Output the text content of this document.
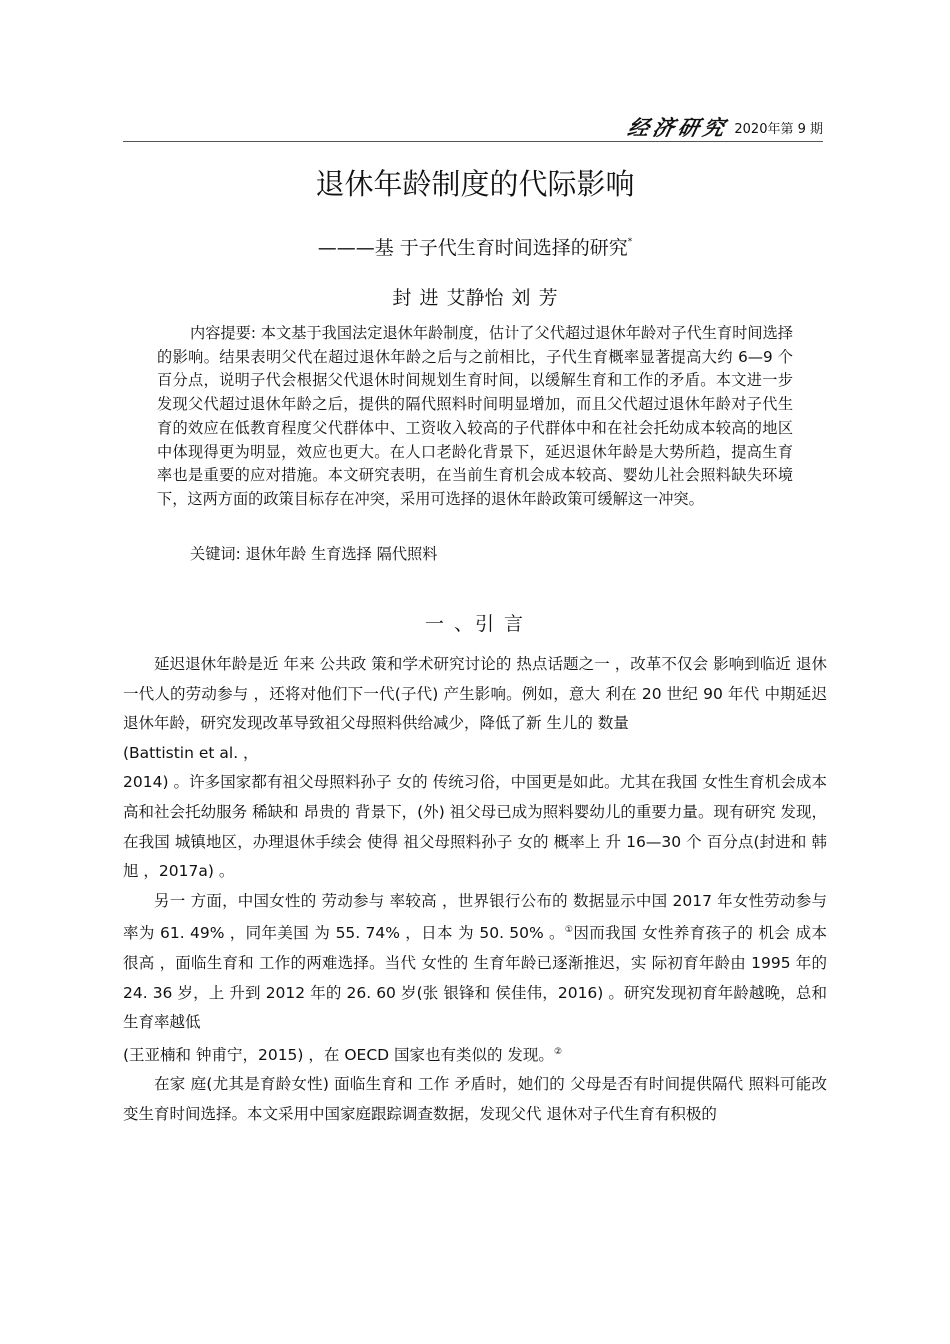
经济研究 2020年第 9 期
退休年龄制度的代际影响
———基 于子代生育时间选择的研究*
封 进 艾静怡 刘 芳

内容提要: 本文基于我国法定退休年龄制度，估计了父代超过退休年龄对子代生育时间选择的影响。结果表明父代在超过退休年龄之后与之前相比，子代生育概率显著提高大约 6—9 个百分点，说明子代会根据父代退休时间规划生育时间，以缓解生育和工作的矛盾。本文进一步发现父代超过退休年龄之后，提供的隔代照料时间明显增加，而且父代超过退休年龄对子代生育的效应在低教育程度父代群体中、工资收入较高的子代群体中和在社会托幼成本较高的地区中体现得更为明显，效应也更大。在人口老龄化背景下，延迟退休年龄是大势所趋，提高生育率也是重要的应对措施。本文研究表明，在当前生育机会成本较高、婴幼儿社会照料缺失环境下，这两方面的政策目标存在冲突，采用可选择的退休年龄政策可缓解这一冲突。

关键词: 退休年龄 生育选择 隔代照料
一 、引 言

延迟退休年龄是近 年来 公共政 策和学术研究讨论的 热点话题之一 ，改革不仅会 影响到临近 退休一代人的劳动参与 ，还将对他们下一代(子代) 产生影响。例如，意大 利在 20 世纪 90 年代 中期延迟退休年龄，研究发现改革导致祖父母照料供给减少，降低了新 生儿的 数量

(Battistin et al. ，

2014) 。许多国家都有祖父母照料孙子 女的 传统习俗，中国更是如此。尤其在我国 女性生育机会成本高和社会托幼服务 稀缺和 昂贵的 背景下，(外) 祖父母已成为照料婴幼儿的重要力量。现有研究 发现，在我国 城镇地区，办理退休手续会 使得 祖父母照料孙子 女的 概率上 升 16—30 个 百分点(封进和 韩旭 ，2017a) 。

另一 方面，中国女性的 劳动参与 率较高 ，世界银行公布的 数据显示中国 2017 年女性劳动参与率为 61. 49% ，同年美国 为 55. 74% ，日本 为 50. 50% 。①因而我国 女性养育孩子的 机会 成本 很高 ，面临生育和 工作的两难选择。当代 女性的 生育年龄已逐渐推迟，实 际初育年龄由 1995 年的 24. 36 岁，上 升到 2012 年的 26. 60 岁(张 银锋和 侯佳伟，2016) 。研究发现初育年龄越晚，总和 生育率越低

(王亚楠和 钟甫宁，2015) ，在 OECD 国家也有类似的 发现。②

在家 庭(尤其是育龄女性) 面临生育和 工作 矛盾时，她们的 父母是否有时间提供隔代 照料可能改变生育时间选择。本文采用中国家庭跟踪调查数据，发现父代 退休对子代生育有积极的
